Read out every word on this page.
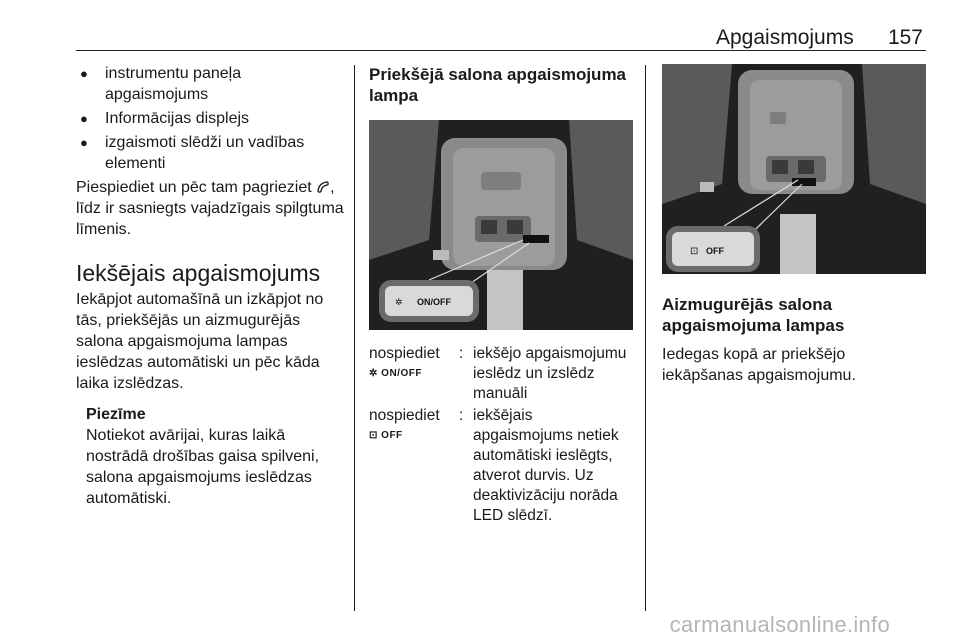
Apgaismojums 157
● instrumentu paneļa apgaismojums
● Informācijas displejs
● izgaismoti slēdži un vadības elementi

Piespiediet un pēc tam pagrieziet , līdz ir sasniegts vajadzīgais spilgtuma līmenis.

Iekšējais apgaismojums

Iekāpjot automašīnā un izkāpjot no tās, priekšējās un aizmugurējās salona apgaismojuma lampas ieslēdzas automātiski un pēc kāda laika izslēdzas.

Piezīme
Notiekot avārijai, kuras laikā nostrādā drošības gaisa spilveni, salona apgaismojums ieslēdzas automātiski.
Priekšējā salona apgaismojuma lampa
ON/OFF
✲
nospiediet
✲ ON/OFF
: iekšējo apgaismojumu ieslēdz un izslēdz manuāli
nospiediet
⊡ OFF
: iekšējais apgaismojums netiek automātiski ieslēgts, atverot durvis. Uz deaktivizāciju norāda LED slēdzī.
⊡ OFF
Aizmugurējās salona apgaismojuma lampas

Iedegas kopā ar priekšējo iekāpšanas apgaismojumu.

carmanualsonline.info
